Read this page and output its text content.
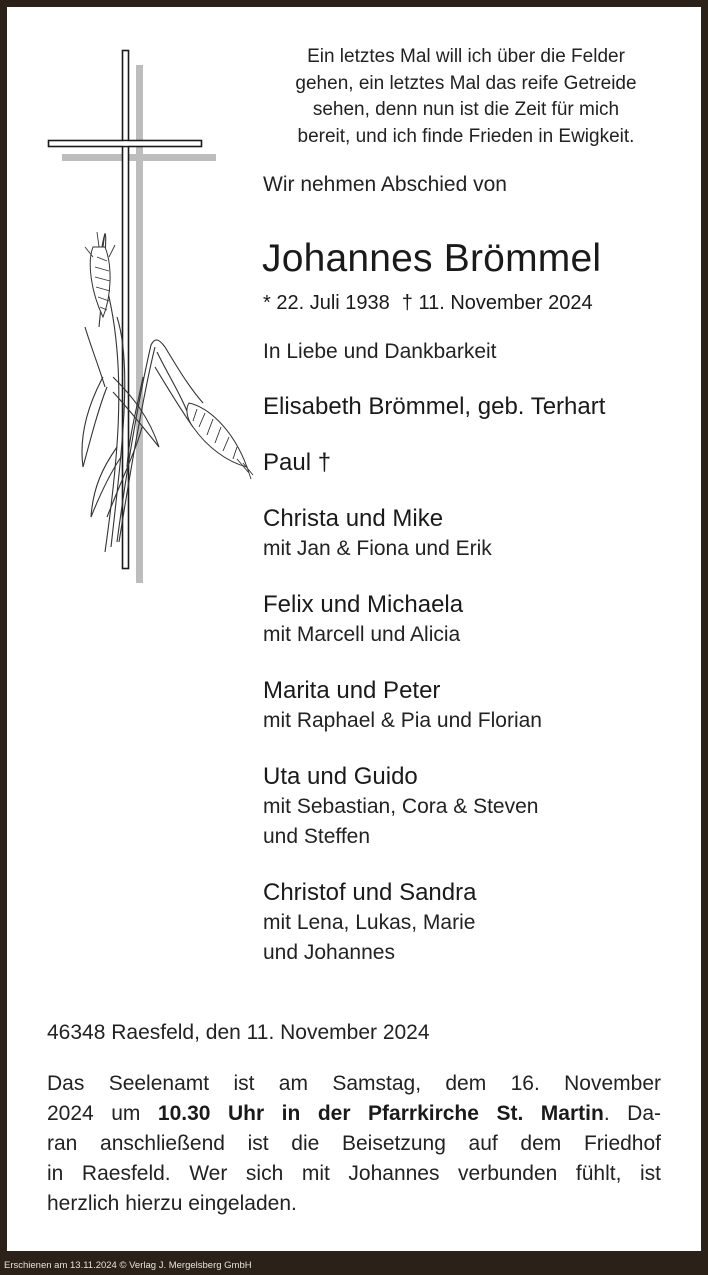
Ein letztes Mal will ich über die Felder
gehen, ein letztes Mal das reife Getreide
sehen, denn nun ist die Zeit für mich
bereit, und ich finde Frieden in Ewigkeit.
Wir nehmen Abschied von
Johannes Brömmel
* 22. Juli 1938 † 11. November 2024
In Liebe und Dankbarkeit
Elisabeth Brömmel, geb. Terhart
Paul †
Christa und Mike
mit Jan & Fiona und Erik
Felix und Michaela
mit Marcell und Alicia
Marita und Peter
mit Raphael & Pia und Florian
Uta und Guido
mit Sebastian, Cora & Steven
und Steffen
Christof und Sandra
mit Lena, Lukas, Marie
und Johannes
46348 Raesfeld, den 11. November 2024
Das Seelenamt ist am Samstag, dem 16. November
2024 um 10.30 Uhr in der Pfarrkirche St. Martin. Da-
ran anschließend ist die Beisetzung auf dem Friedhof
in Raesfeld. Wer sich mit Johannes verbunden fühlt, ist
herzlich hierzu eingeladen.
Erschienen am 13.11.2024 © Verlag J. Mergelsberg GmbH
